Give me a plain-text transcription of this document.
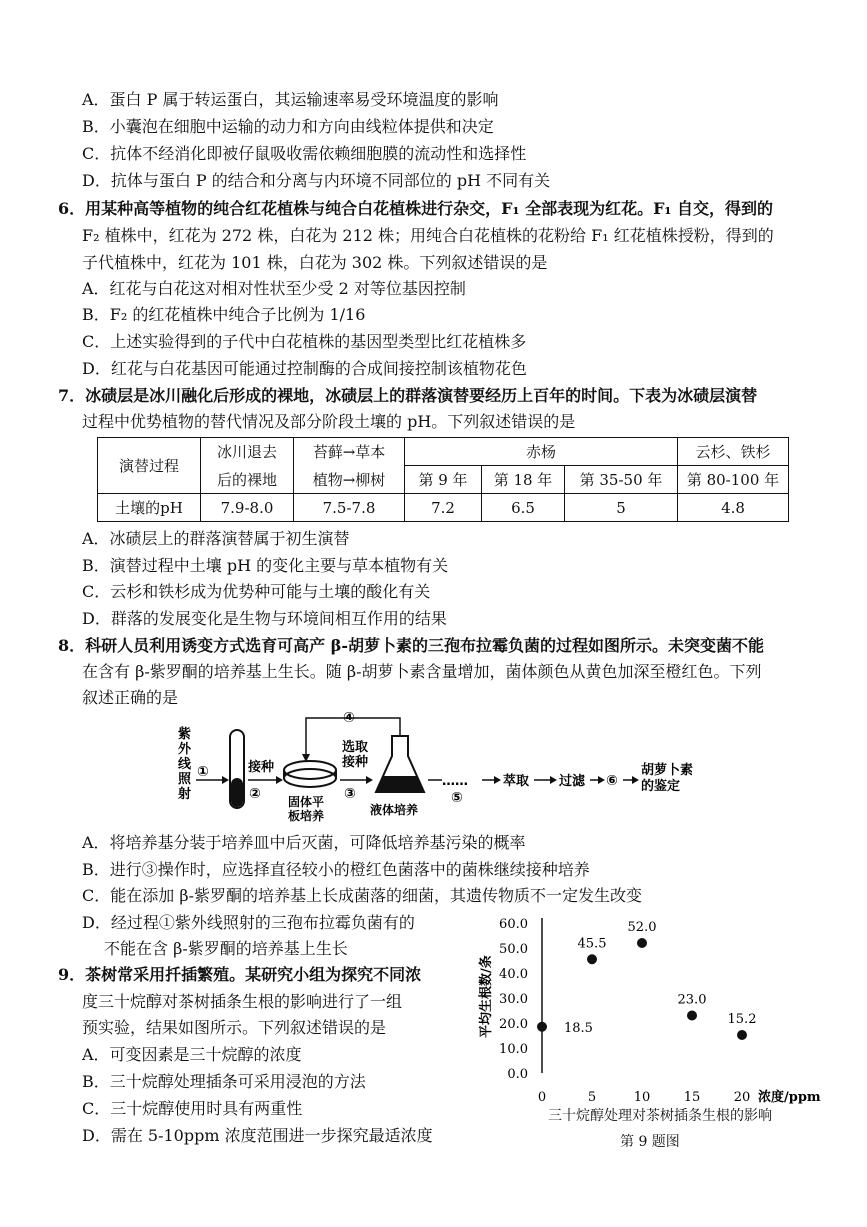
A．蛋白 P 属于转运蛋白，其运输速率易受环境温度的影响
B．小囊泡在细胞中运输的动力和方向由线粒体提供和决定
C．抗体不经消化即被仔鼠吸收需依赖细胞膜的流动性和选择性
D．抗体与蛋白 P 的结合和分离与内环境不同部位的 pH 不同有关
6．用某种高等植物的纯合红花植株与纯合白花植株进行杂交，F₁ 全部表现为红花。F₁ 自交，得到的
F₂ 植株中，红花为 272 株，白花为 212 株；用纯合白花植株的花粉给 F₁ 红花植株授粉，得到的
子代植株中，红花为 101 株，白花为 302 株。下列叙述错误的是
A．红花与白花这对相对性状至少受 2 对等位基因控制
B．F₂ 的红花植株中纯合子比例为 1/16
C．上述实验得到的子代中白花植株的基因型类型比红花植株多
D．红花与白花基因可能通过控制酶的合成间接控制该植物花色
7．冰碛层是冰川融化后形成的裸地，冰碛层上的群落演替要经历上百年的时间。下表为冰碛层演替
过程中优势植物的替代情况及部分阶段土壤的 pH。下列叙述错误的是
演替过程	冰川退去	苔藓→草本	赤杨			云杉、铁杉
	后的裸地	植物→柳树	第 9 年	第 18 年	第 35-50 年	第 80-100 年
土壤的pH	7.9-8.0	7.5-7.8	7.2	6.5	5	4.8
A．冰碛层上的群落演替属于初生演替
B．演替过程中土壤 pH 的变化主要与草本植物有关
C．云杉和铁杉成为优势种可能与土壤的酸化有关
D．群落的发展变化是生物与环境间相互作用的结果
8．科研人员利用诱变方式选育可高产 β-胡萝卜素的三孢布拉霉负菌的过程如图所示。未突变菌不能
在含有 β-紫罗酮的培养基上生长。随 β-胡萝卜素含量增加，菌体颜色从黄色加深至橙红色。下列
叙述正确的是
紫
外
线
照
射
①	接种
② 固体平
板培养
④
选取
接种
③
液体培养
……
⑤
萃取 过滤 ⑥
胡萝卜素
的鉴定
A．将培养基分装于培养皿中后灭菌，可降低培养基污染的概率
B．进行③操作时，应选择直径较小的橙红色菌落中的菌株继续接种培养
C．能在添加 β-紫罗酮的培养基上长成菌落的细菌，其遗传物质不一定发生改变
D．经过程①紫外线照射的三孢布拉霉负菌有的
不能在含 β-紫罗酮的培养基上生长
9．茶树常采用扦插繁殖。某研究小组为探究不同浓
度三十烷醇对茶树插条生根的影响进行了一组
预实验，结果如图所示。下列叙述错误的是
A．可变因素是三十烷醇的浓度
B．三十烷醇处理插条可采用浸泡的方法
C．三十烷醇使用时具有两重性
D．需在 5-10ppm 浓度范围进一步探究最适浓度
平均生根数/条
浓度/ppm
0.0
10.0
20.0
30.0
40.0
50.0
60.0
0	5	10	15	20
18.5
45.5
52.0
23.0
15.2
三十烷醇处理对茶树插条生根的影响
第 9 题图
